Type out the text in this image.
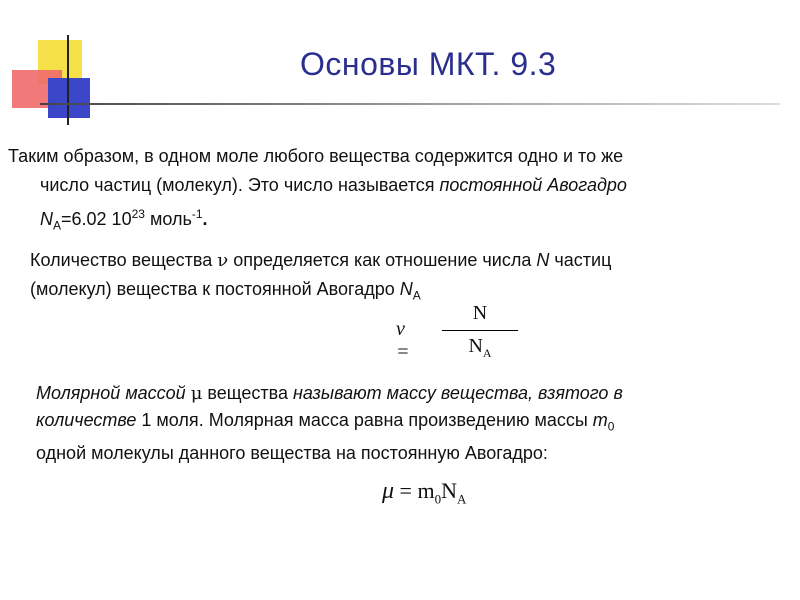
Основы МКТ. 9.3
Таким образом, в одном моле любого вещества содержится одно и то же
число частиц (молекул). Это число называется постоянной Авогадро
$N_A=6.02$ $10^{23}$ моль$^{-1}$.
Количество вещества ν определяется как отношение числа N частиц
(молекул) вещества к постоянной Авогадро $N_A$
ν =
N
$N_A$
Молярной массой μ вещества называют массу вещества, взятого в
количестве 1 моля. Молярная масса равна произведению массы $m_0$
одной молекулы данного вещества на постоянную Авогадро:
$\mu = m_0N_A$
